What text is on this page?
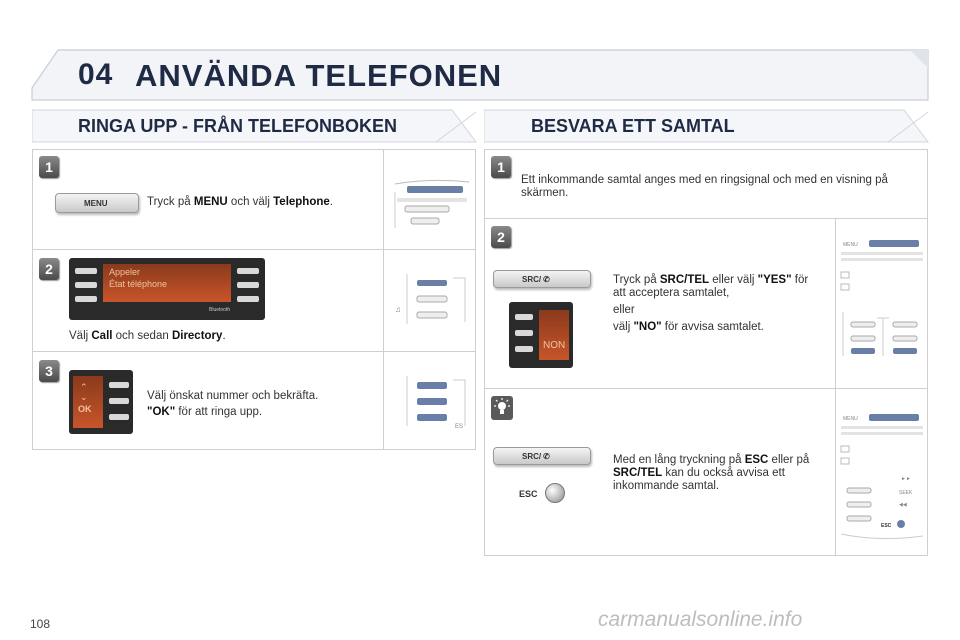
04 ANVÄNDA TELEFONEN
RINGA UPP - FRÅN TELEFONBOKEN	BESVARA ETT SAMTAL
1
MENU	Tryck på MENU och välj Telephone.
2	Appeler
État téléphone
Bluetooth
Välj Call och sedan Directory.
♫
3
⌃
⌄
OK
Välj önskat nummer och bekräfta.
"OK" för att ringa upp.
ES
1
Ett inkommande samtal anges med en ringsignal och med en visning på skärmen.
2
SRC/ ✆
NON
Tryck på SRC/TEL eller välj "YES" för att acceptera samtalet,
eller
välj "NO" för avvisa samtalet.
MENU
SRC/ ✆
ESC
Med en lång tryckning på ESC eller på SRC/TEL kan du också avvisa ett inkommande samtal.
MENU
►►
SEEK
◀◀
ESC
108	carmanualsonline.info
